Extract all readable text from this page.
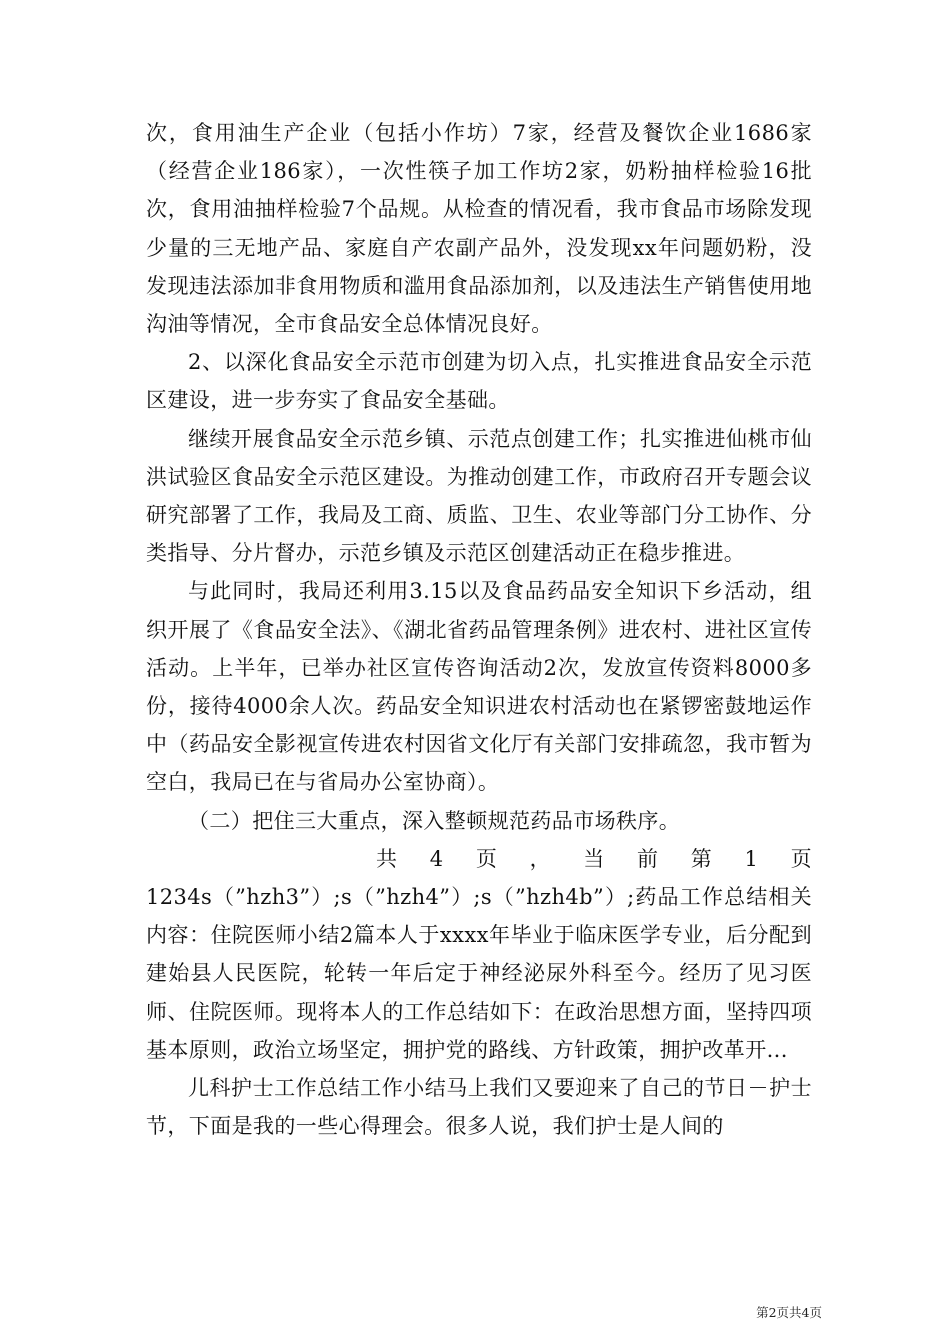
次，食用油生产企业（包括小作坊）7家，经营及餐饮企业1686家（经营企业186家），一次性筷子加工作坊2家，奶粉抽样检验16批次，食用油抽样检验7个品规。从检查的情况看，我市食品市场除发现少量的三无地产品、家庭自产农副产品外，没发现xx年问题奶粉，没发现违法添加非食用物质和滥用食品添加剂，以及违法生产销售使用地沟油等情况，全市食品安全总体情况良好。

2、以深化食品安全示范市创建为切入点，扎实推进食品安全示范区建设，进一步夯实了食品安全基础。

继续开展食品安全示范乡镇、示范点创建工作；扎实推进仙桃市仙洪试验区食品安全示范区建设。为推动创建工作，市政府召开专题会议研究部署了工作，我局及工商、质监、卫生、农业等部门分工协作、分类指导、分片督办，示范乡镇及示范区创建活动正在稳步推进。

与此同时，我局还利用3.15以及食品药品安全知识下乡活动，组织开展了《食品安全法》、《湖北省药品管理条例》进农村、进社区宣传活动。上半年，已举办社区宣传咨询活动2次，发放宣传资料8000多份，接待4000余人次。药品安全知识进农村活动也在紧锣密鼓地运作中（药品安全影视宣传进农村因省文化厅有关部门安排疏忽，我市暂为空白，我局已在与省局办公室协商）。

（二）把住三大重点，深入整顿规范药品市场秩序。

共 4 页 ， 当 前 第 1 页

1234s（”hzh3”）;s（”hzh4”）;s（”hzh4b”）;药品工作总结相关内容：住院医师小结2篇本人于xxxx年毕业于临床医学专业，后分配到建始县人民医院，轮转一年后定于神经泌尿外科至今。经历了见习医师、住院医师。现将本人的工作总结如下：在政治思想方面，坚持四项基本原则，政治立场坚定，拥护党的路线、方针政策，拥护改革开...

儿科护士工作总结工作小结马上我们又要迎来了自己的节日－护士节，下面是我的一些心得理会。很多人说，我们护士是人间的

第2页共4页
